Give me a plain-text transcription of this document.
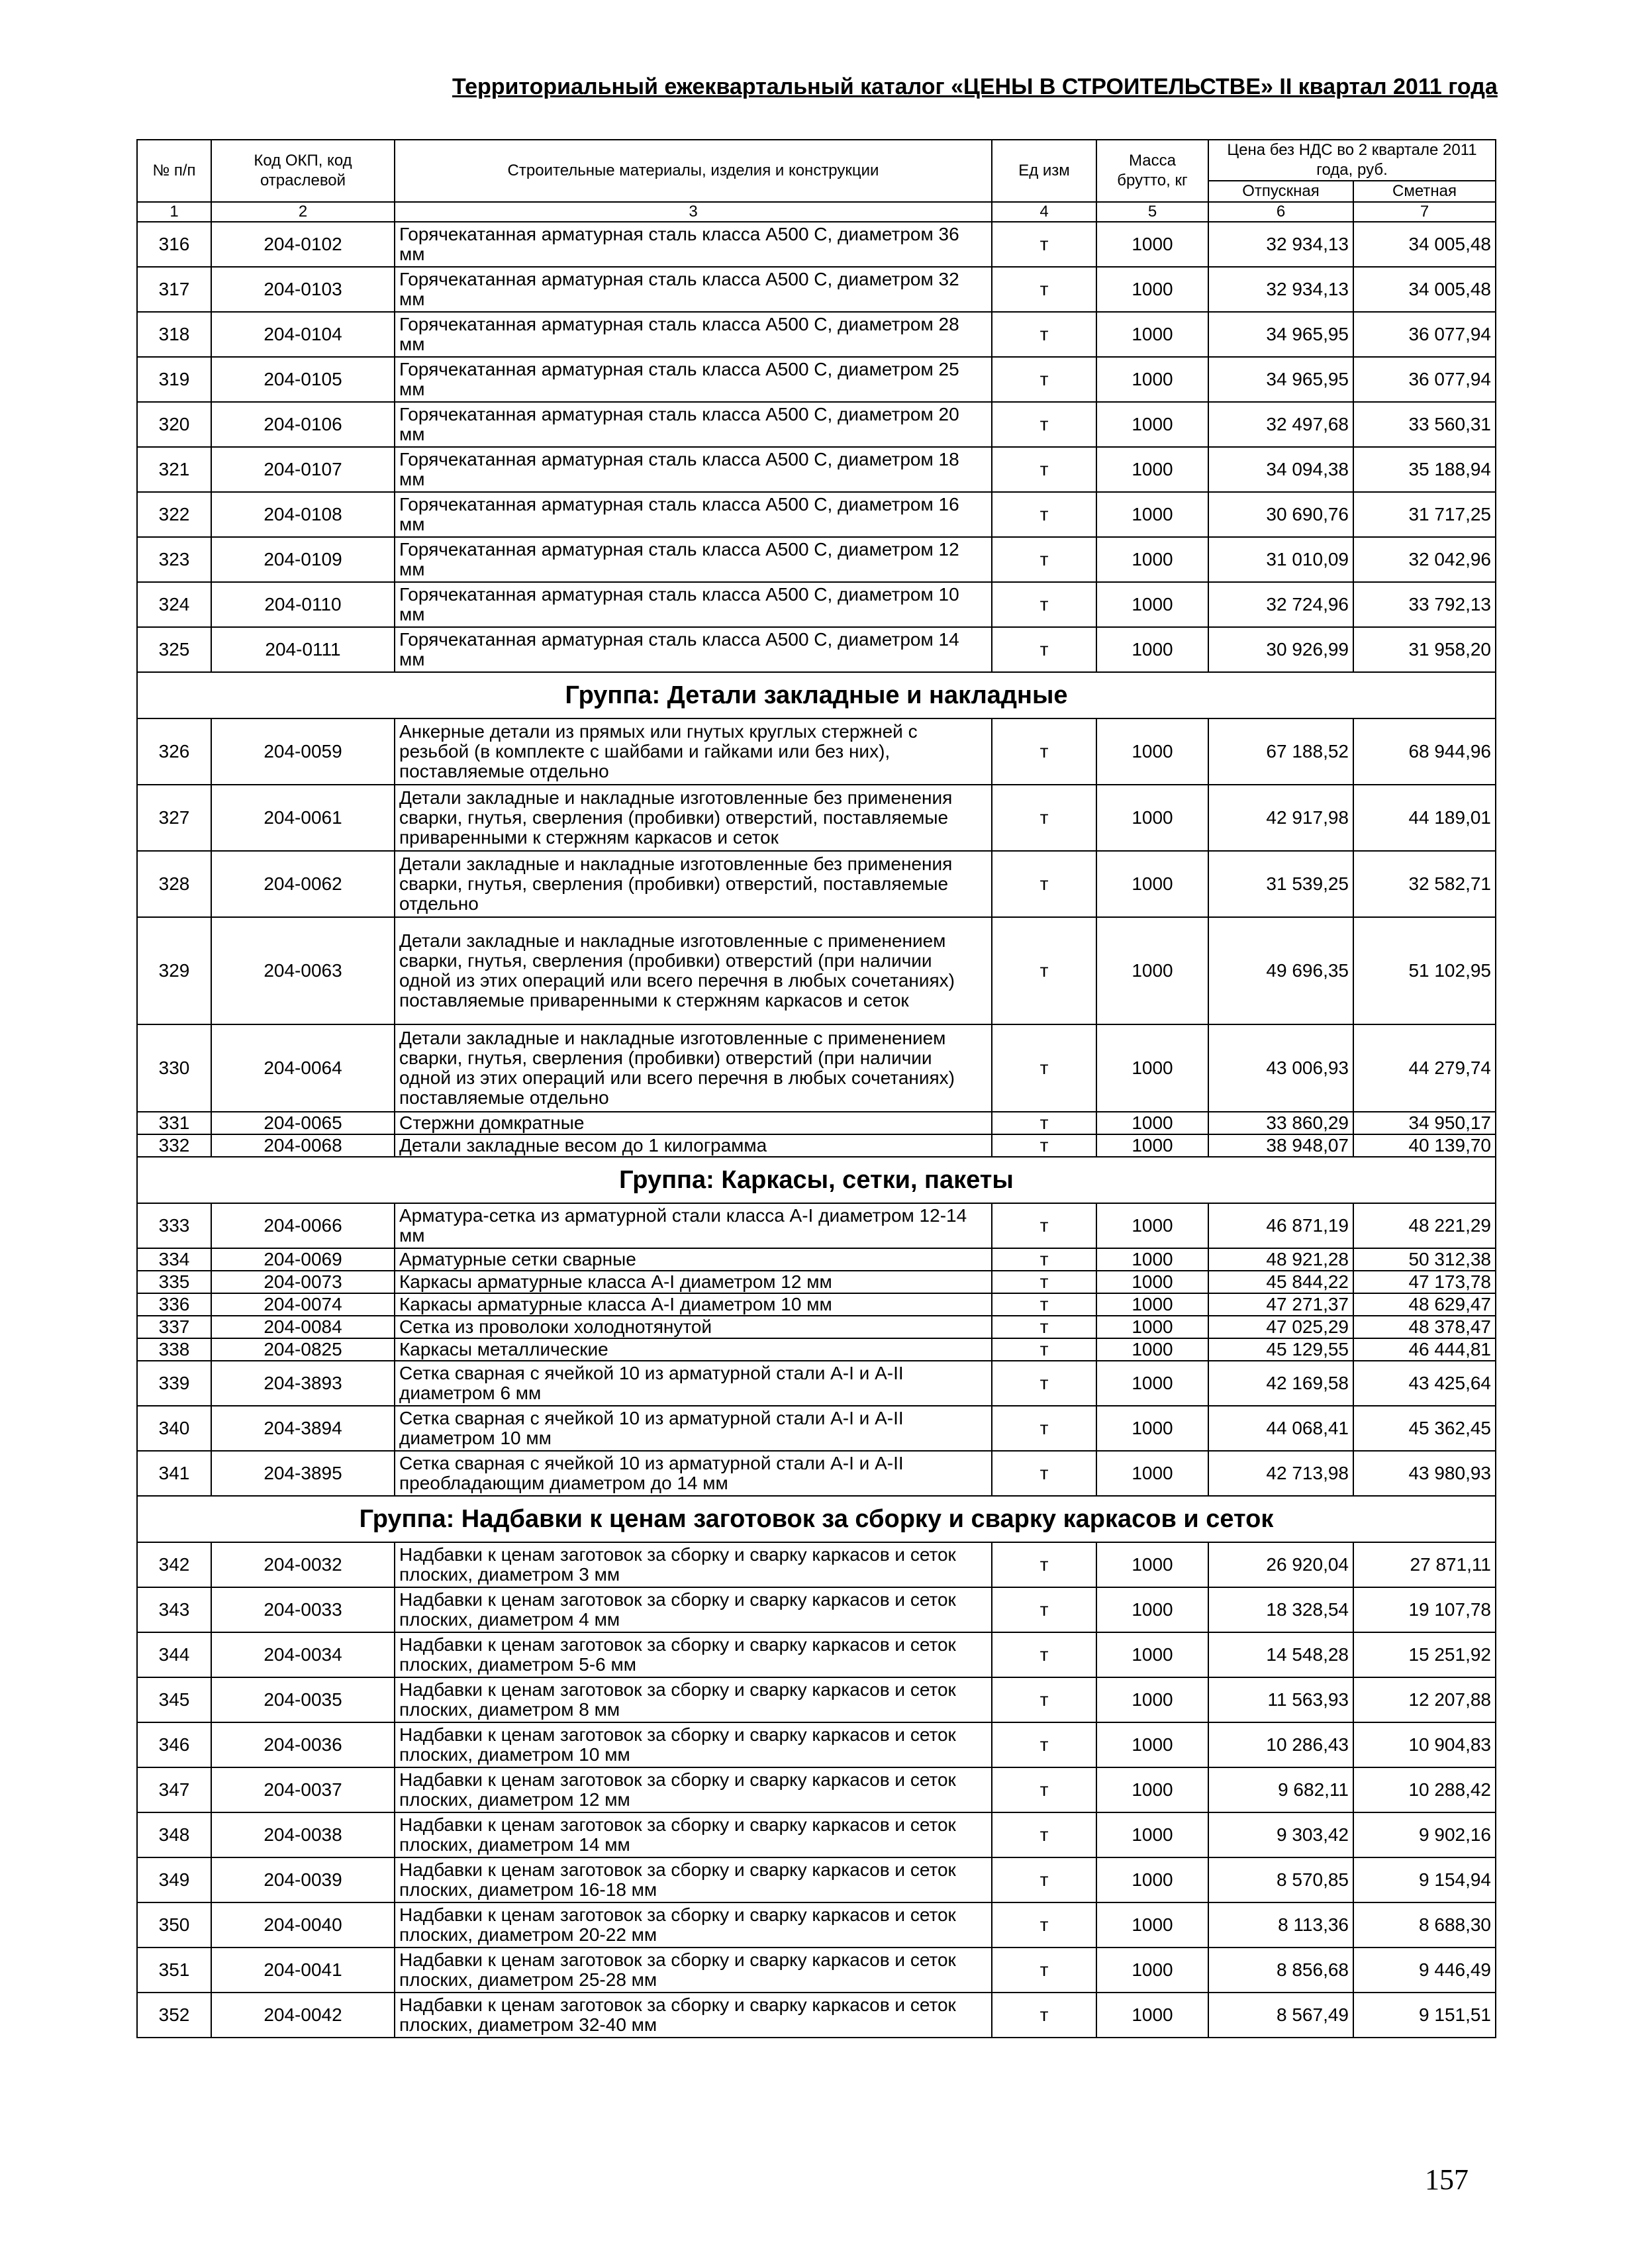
Территориальный ежеквартальный каталог «ЦЕНЫ В СТРОИТЕЛЬСТВЕ» II квартал 2011 года
№ п/п	Код ОКП, код отраслевой	Строительные материалы, изделия и конструкции	Ед изм	Масса брутто, кг	Цена без НДС во 2 квартале 2011 года, руб.	
					Отпускная	Сметная
1	2	3	4	5	6	7
316	204-0102	Горячекатанная арматурная сталь класса А500 С, диаметром 36 мм	т	1000	32 934,13	34 005,48
317	204-0103	Горячекатанная арматурная сталь класса А500 С, диаметром 32 мм	т	1000	32 934,13	34 005,48
318	204-0104	Горячекатанная арматурная сталь класса А500 С, диаметром 28 мм	т	1000	34 965,95	36 077,94
319	204-0105	Горячекатанная арматурная сталь класса А500 С, диаметром 25 мм	т	1000	34 965,95	36 077,94
320	204-0106	Горячекатанная арматурная сталь класса А500 С, диаметром 20 мм	т	1000	32 497,68	33 560,31
321	204-0107	Горячекатанная арматурная сталь класса А500 С, диаметром 18 мм	т	1000	34 094,38	35 188,94
322	204-0108	Горячекатанная арматурная сталь класса А500 С, диаметром 16 мм	т	1000	30 690,76	31 717,25
323	204-0109	Горячекатанная арматурная сталь класса А500 С, диаметром 12 мм	т	1000	31 010,09	32 042,96
324	204-0110	Горячекатанная арматурная сталь класса А500 С, диаметром 10 мм	т	1000	32 724,96	33 792,13
325	204-0111	Горячекатанная арматурная сталь класса А500 С, диаметром 14 мм	т	1000	30 926,99	31 958,20
Группа: Детали закладные и накладные						
326	204-0059	Анкерные детали из прямых или гнутых круглых стержней с резьбой (в комплекте с шайбами и гайками или без них), поставляемые отдельно	т	1000	67 188,52	68 944,96
327	204-0061	Детали закладные и накладные изготовленные без применения сварки, гнутья, сверления (пробивки) отверстий, поставляемые приваренными к стержням каркасов и сеток	т	1000	42 917,98	44 189,01
328	204-0062	Детали закладные и накладные изготовленные без применения сварки, гнутья, сверления (пробивки) отверстий, поставляемые отдельно	т	1000	31 539,25	32 582,71
329	204-0063	Детали закладные и накладные изготовленные с применением сварки, гнутья, сверления (пробивки) отверстий (при наличии одной из этих операций или всего перечня в любых сочетаниях) поставляемые приваренными к стержням каркасов и сеток	т	1000	49 696,35	51 102,95
330	204-0064	Детали закладные и накладные изготовленные с применением сварки, гнутья, сверления (пробивки) отверстий (при наличии одной из этих операций или всего перечня в любых сочетаниях) поставляемые отдельно	т	1000	43 006,93	44 279,74
331	204-0065	Стержни домкратные	т	1000	33 860,29	34 950,17
332	204-0068	Детали закладные весом до 1 килограмма	т	1000	38 948,07	40 139,70
Группа: Каркасы, сетки, пакеты						
333	204-0066	Арматура-сетка из арматурной стали класса А-I диаметром 12-14 мм	т	1000	46 871,19	48 221,29
334	204-0069	Арматурные сетки сварные	т	1000	48 921,28	50 312,38
335	204-0073	Каркасы арматурные класса А-I диаметром 12 мм	т	1000	45 844,22	47 173,78
336	204-0074	Каркасы арматурные класса А-I диаметром 10 мм	т	1000	47 271,37	48 629,47
337	204-0084	Сетка из проволоки холоднотянутой	т	1000	47 025,29	48 378,47
338	204-0825	Каркасы металлические	т	1000	45 129,55	46 444,81
339	204-3893	Сетка сварная с ячейкой 10 из арматурной стали А-I и А-II диаметром 6 мм	т	1000	42 169,58	43 425,64
340	204-3894	Сетка сварная с ячейкой 10 из арматурной стали А-I и А-II диаметром 10 мм	т	1000	44 068,41	45 362,45
341	204-3895	Сетка сварная с ячейкой 10 из арматурной стали А-I и А-II преобладающим диаметром до 14 мм	т	1000	42 713,98	43 980,93
Группа: Надбавки к ценам заготовок за сборку и сварку каркасов и сеток						
342	204-0032	Надбавки к ценам заготовок за сборку и сварку каркасов и сеток плоских, диаметром 3 мм	т	1000	26 920,04	27 871,11
343	204-0033	Надбавки к ценам заготовок за сборку и сварку каркасов и сеток плоских, диаметром 4 мм	т	1000	18 328,54	19 107,78
344	204-0034	Надбавки к ценам заготовок за сборку и сварку каркасов и сеток плоских, диаметром 5-6 мм	т	1000	14 548,28	15 251,92
345	204-0035	Надбавки к ценам заготовок за сборку и сварку каркасов и сеток плоских, диаметром 8 мм	т	1000	11 563,93	12 207,88
346	204-0036	Надбавки к ценам заготовок за сборку и сварку каркасов и сеток плоских, диаметром 10 мм	т	1000	10 286,43	10 904,83
347	204-0037	Надбавки к ценам заготовок за сборку и сварку каркасов и сеток плоских, диаметром 12 мм	т	1000	9 682,11	10 288,42
348	204-0038	Надбавки к ценам заготовок за сборку и сварку каркасов и сеток плоских, диаметром 14 мм	т	1000	9 303,42	9 902,16
349	204-0039	Надбавки к ценам заготовок за сборку и сварку каркасов и сеток плоских, диаметром 16-18 мм	т	1000	8 570,85	9 154,94
350	204-0040	Надбавки к ценам заготовок за сборку и сварку каркасов и сеток плоских, диаметром 20-22 мм	т	1000	8 113,36	8 688,30
351	204-0041	Надбавки к ценам заготовок за сборку и сварку каркасов и сеток плоских, диаметром 25-28 мм	т	1000	8 856,68	9 446,49
352	204-0042	Надбавки к ценам заготовок за сборку и сварку каркасов и сеток плоских, диаметром 32-40 мм	т	1000	8 567,49	9 151,51
157
